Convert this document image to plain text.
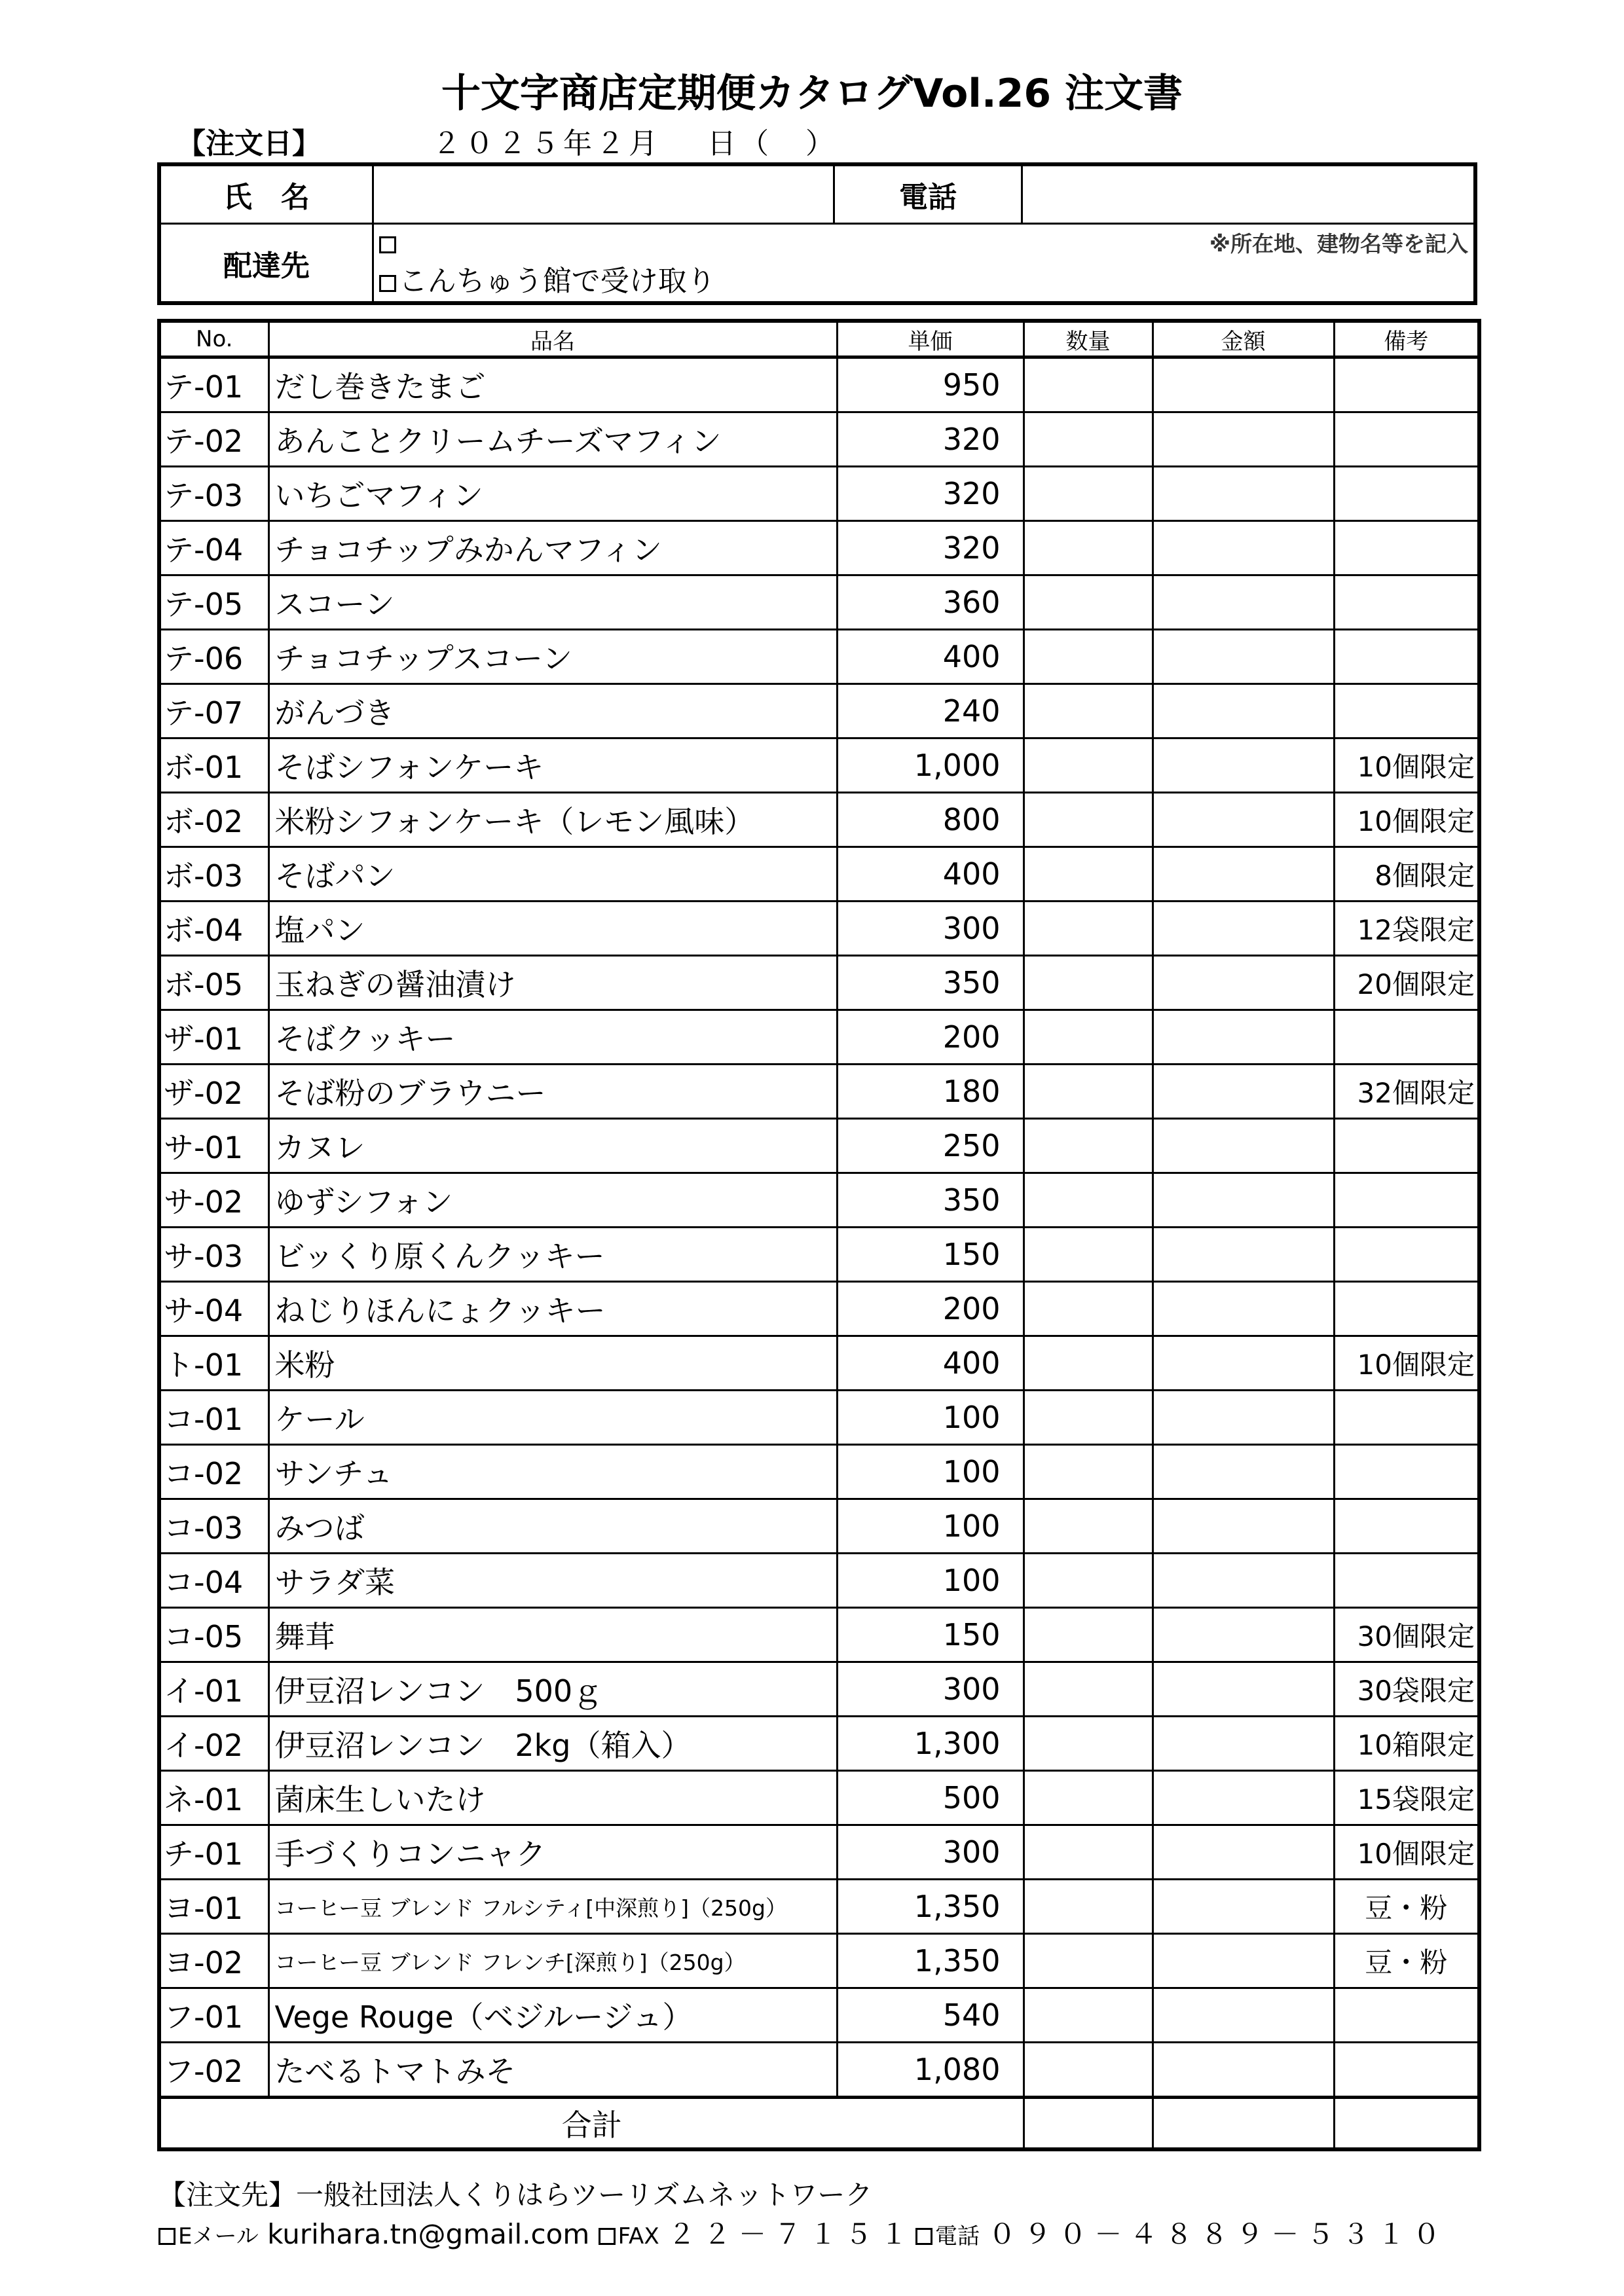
十文字商店定期便カタログVol.26 注文書
【注文日】	２０２５年２月　 日（　）
氏　名		電話	
配達先	こんちゅう館で受け取り
※所在地、建物名等を記入		
No.	品名	単価	数量	金額	備考
テ-01	だし巻きたまご	950			
テ-02	あんことクリームチーズマフィン	320			
テ-03	いちごマフィン	320			
テ-04	チョコチップみかんマフィン	320			
テ-05	スコーン	360			
テ-06	チョコチップスコーン	400			
テ-07	がんづき	240			
ボ-01	そばシフォンケーキ	1,000			10個限定
ボ-02	米粉シフォンケーキ（レモン風味）	800			10個限定
ボ-03	そばパン	400			8個限定
ボ-04	塩パン	300			12袋限定
ボ-05	玉ねぎの醤油漬け	350			20個限定
ザ-01	そばクッキー	200			
ザ-02	そば粉のブラウニー	180			32個限定
サ-01	カヌレ	250			
サ-02	ゆずシフォン	350			
サ-03	ビッくり原くんクッキー	150			
サ-04	ねじりほんにょクッキー	200			
ト-01	米粉	400			10個限定
コ-01	ケール	100			
コ-02	サンチュ	100			
コ-03	みつば	100			
コ-04	サラダ菜	100			
コ-05	舞茸	150			30個限定
イ-01	伊豆沼レンコン　500ｇ	300			30袋限定
イ-02	伊豆沼レンコン　2kg（箱入）	1,300			10箱限定
ネ-01	菌床生しいたけ	500			15袋限定
チ-01	手づくりコンニャク	300			10個限定
ヨ-01	コーヒー豆 ブレンド フルシティ[中深煎り]（250g）	1,350			豆・粉
ヨ-02	コーヒー豆 ブレンド フレンチ[深煎り]（250g）	1,350			豆・粉
フ-01	Vege Rouge（ベジルージュ）	540			
フ-02	たべるトマトみそ	1,080			
合計					
【注文先】一般社団法人くりはらツーリズムネットワーク
Eメール kurihara.tn@gmail.com FAX ２２－７１５１ 電話 ０９０－４８８９－５３１０
